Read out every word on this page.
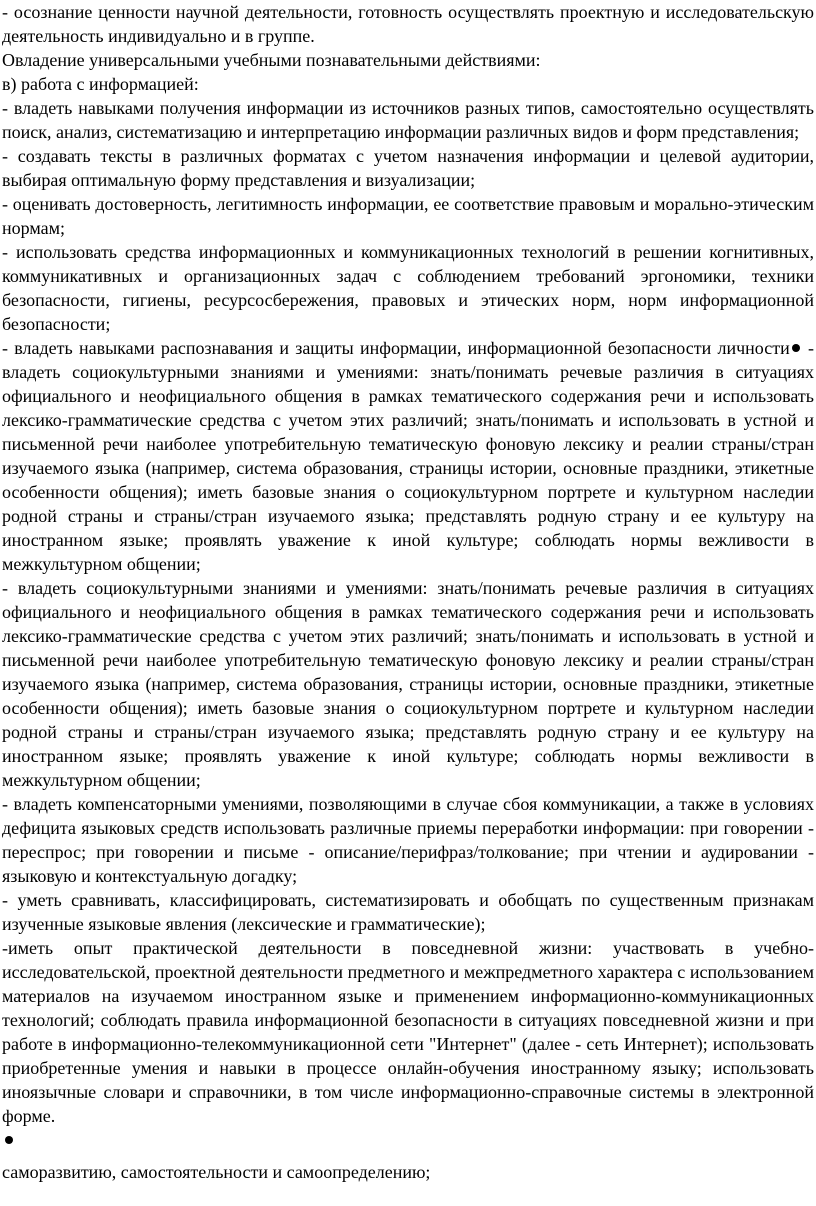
- осознание ценности научной деятельности, готовность осуществлять проектную и исследовательскую деятельность индивидуально и в группе.

Овладение универсальными учебными познавательными действиями:

в) работа с информацией:

- владеть навыками получения информации из источников разных типов, самостоятельно осуществлять поиск, анализ, систематизацию и интерпретацию информации различных видов и форм представления;

- создавать тексты в различных форматах с учетом назначения информации и целевой аудитории, выбирая оптимальную форму представления и визуализации;

- оценивать достоверность, легитимность информации, ее соответствие правовым и морально-этическим нормам;

- использовать средства информационных и коммуникационных технологий в решении когнитивных, коммуникативных и организационных задач с соблюдением требований эргономики, техники безопасности, гигиены, ресурсосбережения, правовых и этических норм, норм информационной безопасности;

- владеть навыками распознавания и защиты информации, информационной безопасности личности - владеть социокультурными знаниями и умениями: знать/понимать речевые различия в ситуациях официального и неофициального общения в рамках тематического содержания речи и использовать лексико-грамматические средства с учетом этих различий; знать/понимать и использовать в устной и письменной речи наиболее употребительную тематическую фоновую лексику и реалии страны/стран изучаемого языка (например, система образования, страницы истории, основные праздники, этикетные особенности общения); иметь базовые знания о социокультурном портрете и культурном наследии родной страны и страны/стран изучаемого языка; представлять родную страну и ее культуру на иностранном языке; проявлять уважение к иной культуре; соблюдать нормы вежливости в межкультурном общении;

- владеть социокультурными знаниями и умениями: знать/понимать речевые различия в ситуациях официального и неофициального общения в рамках тематического содержания речи и использовать лексико-грамматические средства с учетом этих различий; знать/понимать и использовать в устной и письменной речи наиболее употребительную тематическую фоновую лексику и реалии страны/стран изучаемого языка (например, система образования, страницы истории, основные праздники, этикетные особенности общения); иметь базовые знания о социокультурном портрете и культурном наследии родной страны и страны/стран изучаемого языка; представлять родную страну и ее культуру на иностранном языке; проявлять уважение к иной культуре; соблюдать нормы вежливости в межкультурном общении;

- владеть компенсаторными умениями, позволяющими в случае сбоя коммуникации, а также в условиях дефицита языковых средств использовать различные приемы переработки информации: при говорении - переспрос; при говорении и письме - описание/перифраз/толкование; при чтении и аудировании - языковую и контекстуальную догадку;

- уметь сравнивать, классифицировать, систематизировать и обобщать по существенным признакам изученные языковые явления (лексические и грамматические);

-иметь опыт практической деятельности в повседневной жизни: участвовать в учебно-исследовательской, проектной деятельности предметного и межпредметного характера с использованием материалов на изучаемом иностранном языке и применением информационно-коммуникационных технологий; соблюдать правила информационной безопасности в ситуациях повседневной жизни и при работе в информационно-телекоммуникационной сети "Интернет" (далее - сеть Интернет); использовать приобретенные умения и навыки в процессе онлайн-обучения иностранному языку; использовать иноязычные словари и справочники, в том числе информационно-справочные системы в электронной форме.

саморазвитию, самостоятельности и самоопределению;
